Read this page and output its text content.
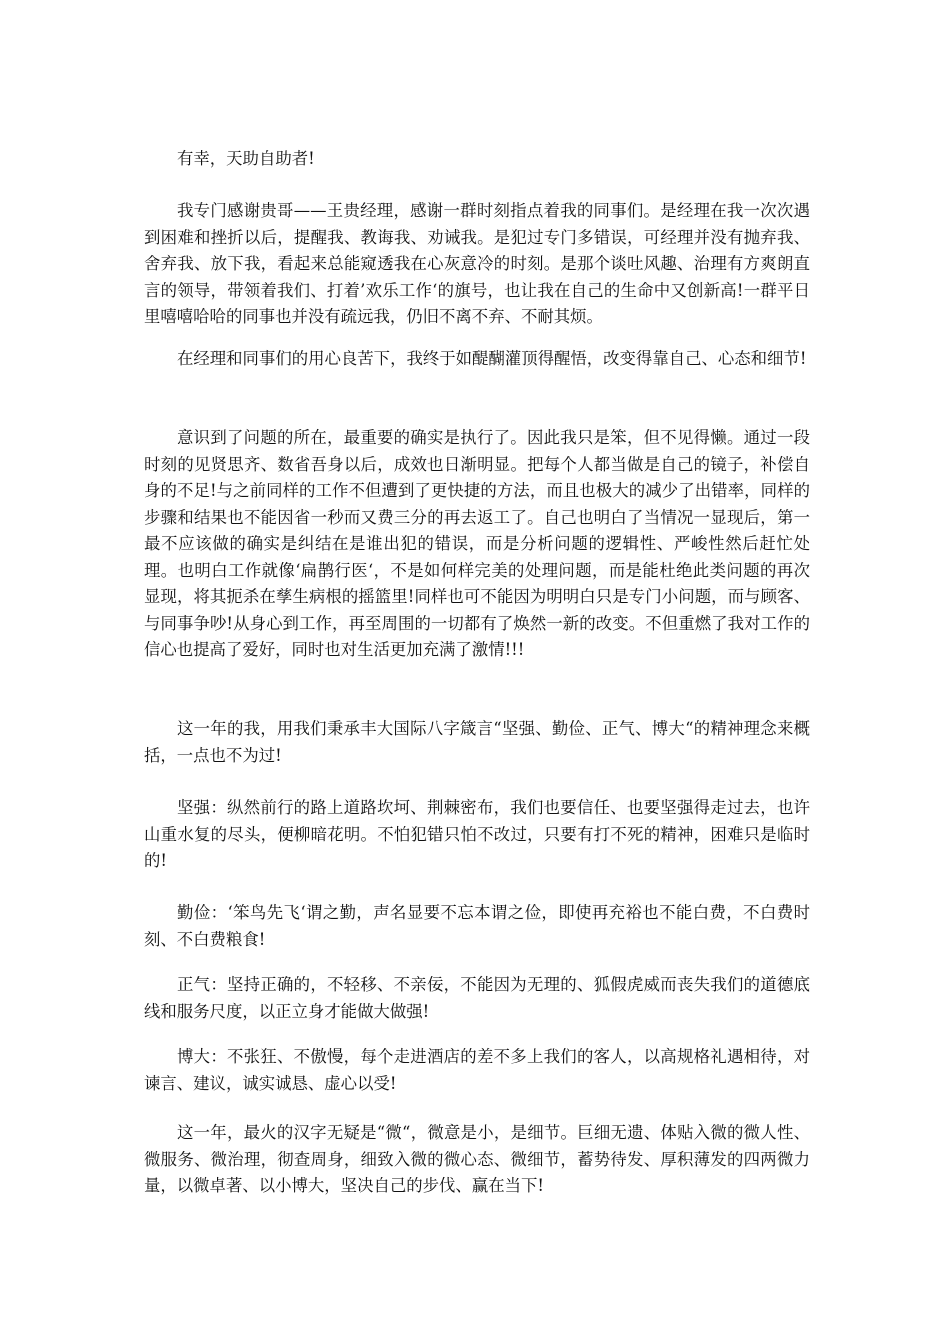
有幸，天助自助者!

我专门感谢贵哥——王贵经理，感谢一群时刻指点着我的同事们。是经理在我一次次遇到困难和挫折以后，提醒我、教诲我、劝诫我。是犯过专门多错误，可经理并没有抛弃我、舍弃我、放下我，看起来总能窥透我在心灰意冷的时刻。是那个谈吐风趣、治理有方爽朗直言的领导，带领着我们、打着’欢乐工作‘的旗号，也让我在自己的生命中又创新高!一群平日里嘻嘻哈哈的同事也并没有疏远我，仍旧不离不弃、不耐其烦。

在经理和同事们的用心良苦下，我终于如醍醐灌顶得醒悟，改变得靠自己、心态和细节!

意识到了问题的所在，最重要的确实是执行了。因此我只是笨，但不见得懒。通过一段时刻的见贤思齐、数省吾身以后，成效也日渐明显。把每个人都当做是自己的镜子，补偿自身的不足!与之前同样的工作不但遭到了更快捷的方法，而且也极大的减少了出错率，同样的步骤和结果也不能因省一秒而又费三分的再去返工了。自己也明白了当情况一显现后，第一最不应该做的确实是纠结在是谁出犯的错误，而是分析问题的逻辑性、严峻性然后赶忙处理。也明白工作就像‘扁鹊行医‘，不是如何样完美的处理问题，而是能杜绝此类问题的再次显现，将其扼杀在孳生病根的摇篮里!同样也可不能因为明明白只是专门小问题，而与顾客、与同事争吵!从身心到工作，再至周围的一切都有了焕然一新的改变。不但重燃了我对工作的信心也提高了爱好，同时也对生活更加充满了激情!!!

这一年的我，用我们秉承丰大国际八字箴言“坚强、勤俭、正气、博大“的精神理念来概括，一点也不为过!

坚强：纵然前行的路上道路坎坷、荆棘密布，我们也要信任、也要坚强得走过去，也许山重水复的尽头，便柳暗花明。不怕犯错只怕不改过，只要有打不死的精神，困难只是临时的!

勤俭：‘笨鸟先飞‘谓之勤，声名显要不忘本谓之俭，即使再充裕也不能白费，不白费时刻、不白费粮食!

正气：坚持正确的，不轻移、不亲佞，不能因为无理的、狐假虎威而丧失我们的道德底线和服务尺度，以正立身才能做大做强!

博大：不张狂、不傲慢，每个走进酒店的差不多上我们的客人，以高规格礼遇相待，对谏言、建议，诚实诚恳、虚心以受!

这一年，最火的汉字无疑是“微“，微意是小，是细节。巨细无遗、体贴入微的微人性、微服务、微治理，彻查周身，细致入微的微心态、微细节，蓄势待发、厚积薄发的四两微力量，以微卓著、以小博大，坚决自己的步伐、赢在当下!
